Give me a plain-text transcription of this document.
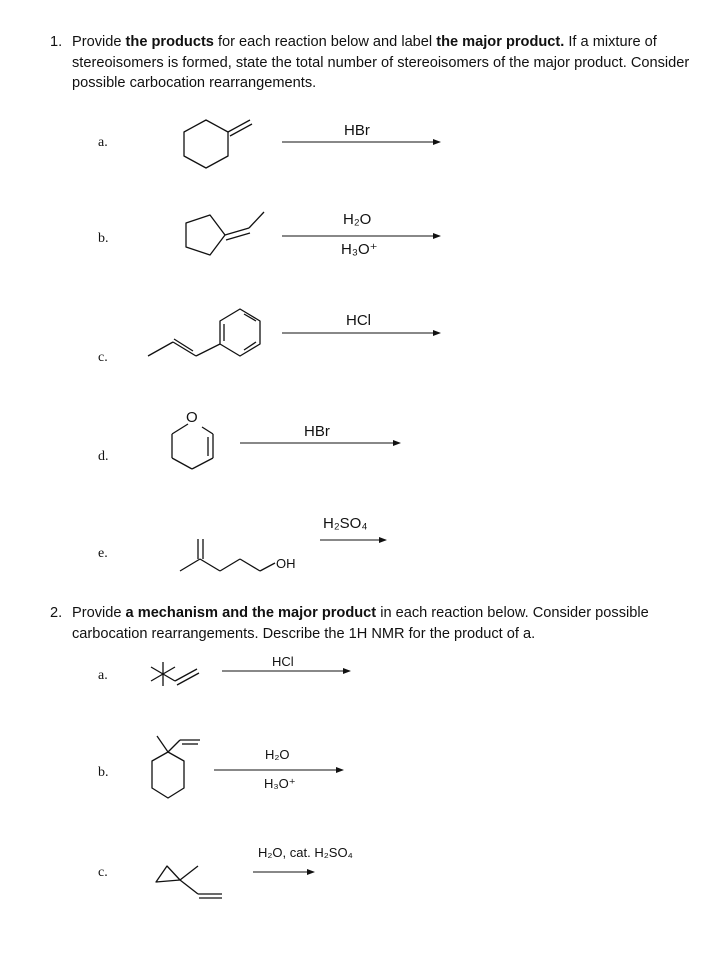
1. Provide the products for each reaction below and label the major product. If a mixture of stereoisomers is formed, state the total number of stereoisomers of the major product. Consider possible carbocation rearrangements.
2. Provide a mechanism and the major product in each reaction below. Consider possible carbocation rearrangements. Describe the 1H NMR for the product of a.
O
OH
a.
b.
c.
d.
e.
HBr
H₂O
H₃O⁺
HCl
HBr
H₂SO₄
a.
b.
c.
HCl
H₂O
H₃O⁺
H₂O, cat. H₂SO₄
